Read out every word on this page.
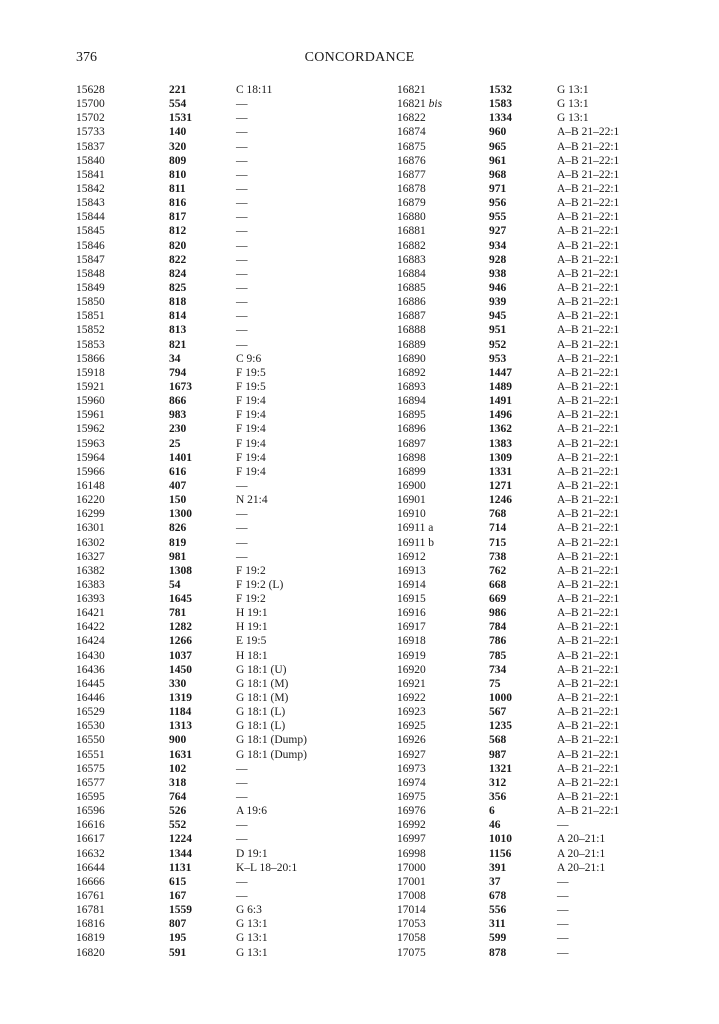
376	CONCORDANCE
15628	221	C 18:11
15700	554	—
15702	1531	—
15733	140	—
15837	320	—
15840	809	—
15841	810	—
15842	811	—
15843	816	—
15844	817	—
15845	812	—
15846	820	—
15847	822	—
15848	824	—
15849	825	—
15850	818	—
15851	814	—
15852	813	—
15853	821	—
15866	34	C 9:6
15918	794	F 19:5
15921	1673	F 19:5
15960	866	F 19:4
15961	983	F 19:4
15962	230	F 19:4
15963	25	F 19:4
15964	1401	F 19:4
15966	616	F 19:4
16148	407	—
16220	150	N 21:4
16299	1300	—
16301	826	—
16302	819	—
16327	981	—
16382	1308	F 19:2
16383	54	F 19:2 (L)
16393	1645	F 19:2
16421	781	H 19:1
16422	1282	H 19:1
16424	1266	E 19:5
16430	1037	H 18:1
16436	1450	G 18:1 (U)
16445	330	G 18:1 (M)
16446	1319	G 18:1 (M)
16529	1184	G 18:1 (L)
16530	1313	G 18:1 (L)
16550	900	G 18:1 (Dump)
16551	1631	G 18:1 (Dump)
16575	102	—
16577	318	—
16595	764	—
16596	526	A 19:6
16616	552	—
16617	1224	—
16632	1344	D 19:1
16644	1131	K–L 18–20:1
16666	615	—
16761	167	—
16781	1559	G 6:3
16816	807	G 13:1
16819	195	G 13:1
16820	591	G 13:1
16821	1532	G 13:1
16821 bis	1583	G 13:1
16822	1334	G 13:1
16874	960	A–B 21–22:1
16875	965	A–B 21–22:1
16876	961	A–B 21–22:1
16877	968	A–B 21–22:1
16878	971	A–B 21–22:1
16879	956	A–B 21–22:1
16880	955	A–B 21–22:1
16881	927	A–B 21–22:1
16882	934	A–B 21–22:1
16883	928	A–B 21–22:1
16884	938	A–B 21–22:1
16885	946	A–B 21–22:1
16886	939	A–B 21–22:1
16887	945	A–B 21–22:1
16888	951	A–B 21–22:1
16889	952	A–B 21–22:1
16890	953	A–B 21–22:1
16892	1447	A–B 21–22:1
16893	1489	A–B 21–22:1
16894	1491	A–B 21–22:1
16895	1496	A–B 21–22:1
16896	1362	A–B 21–22:1
16897	1383	A–B 21–22:1
16898	1309	A–B 21–22:1
16899	1331	A–B 21–22:1
16900	1271	A–B 21–22:1
16901	1246	A–B 21–22:1
16910	768	A–B 21–22:1
16911 a	714	A–B 21–22:1
16911 b	715	A–B 21–22:1
16912	738	A–B 21–22:1
16913	762	A–B 21–22:1
16914	668	A–B 21–22:1
16915	669	A–B 21–22:1
16916	986	A–B 21–22:1
16917	784	A–B 21–22:1
16918	786	A–B 21–22:1
16919	785	A–B 21–22:1
16920	734	A–B 21–22:1
16921	75	A–B 21–22:1
16922	1000	A–B 21–22:1
16923	567	A–B 21–22:1
16925	1235	A–B 21–22:1
16926	568	A–B 21–22:1
16927	987	A–B 21–22:1
16973	1321	A–B 21–22:1
16974	312	A–B 21–22:1
16975	356	A–B 21–22:1
16976	6	A–B 21–22:1
16992	46	—
16997	1010	A 20–21:1
16998	1156	A 20–21:1
17000	391	A 20–21:1
17001	37	—
17008	678	—
17014	556	—
17053	311	—
17058	599	—
17075	878	—
